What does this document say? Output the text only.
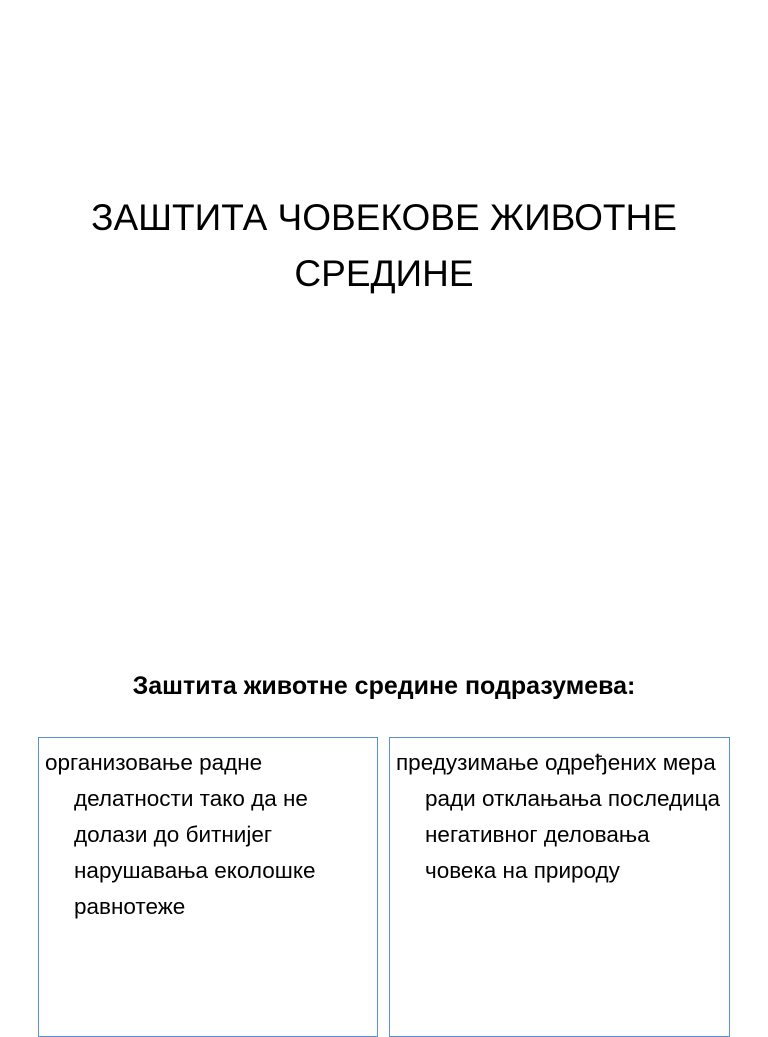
ЗАШТИТА ЧОВЕКОВЕ ЖИВОТНЕ
СРЕДИНЕ
Заштита животне средине подразумева:

организовање радне делатности тако да не долази до битнијег нарушавања еколошке равнотеже

предузимање одређених мера ради отклањања последица негативног деловања човека на природу
